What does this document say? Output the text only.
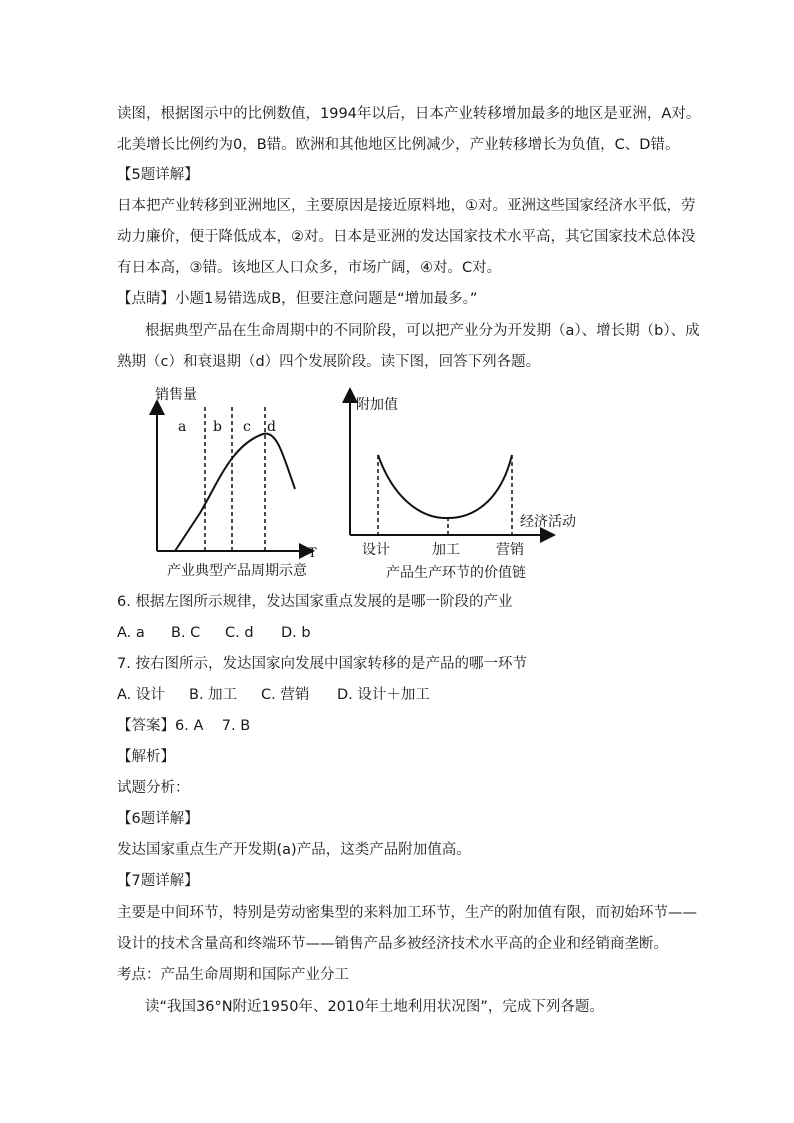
读图，根据图示中的比例数值，1994年以后，日本产业转移增加最多的地区是亚洲，A对。
北美增长比例约为0，B错。欧洲和其他地区比例减少，产业转移增长为负值，C、D错。
【5题详解】
日本把产业转移到亚洲地区，主要原因是接近原料地，①对。亚洲这些国家经济水平低，劳
动力廉价，便于降低成本，②对。日本是亚洲的发达国家技术水平高，其它国家技术总体没
有日本高，③错。该地区人口众多，市场广阔，④对。C对。
【点睛】小题1易错选成B，但要注意问题是“增加最多。”
根据典型产品在生命周期中的不同阶段，可以把产业分为开发期（a）、增长期（b）、成
熟期（c）和衰退期（d）四个发展阶段。读下图，回答下列各题。
销售量
T
a b c d
产业典型产品周期示意
附加值
经济活动
设计	加工	营销
产品生产环节的价值链
6. 根据左图所示规律，发达国家重点发展的是哪一阶段的产业
A. a B. C C. d D. b
7. 按右图所示，发达国家向发展中国家转移的是产品的哪一环节
A. 设计 B. 加工 C. 营销 D. 设计＋加工
【答案】6. A    7. B
【解析】
试题分析：
【6题详解】
发达国家重点生产开发期(a)产品，这类产品附加值高。
【7题详解】
主要是中间环节，特别是劳动密集型的来料加工环节，生产的附加值有限，而初始环节——
设计的技术含量高和终端环节——销售产品多被经济技术水平高的企业和经销商垄断。
考点：产品生命周期和国际产业分工
读“我国36°N附近1950年、2010年土地利用状况图”，完成下列各题。
